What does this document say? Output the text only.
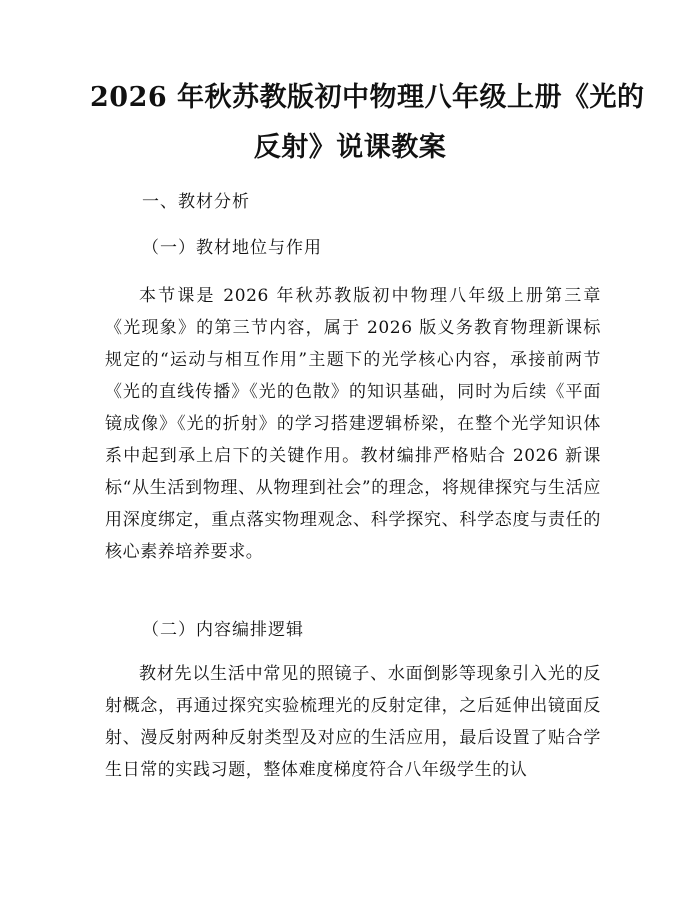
2026 年秋苏教版初中物理八年级上册《光的
反射》说课教案
一、教材分析
（一）教材地位与作用
本节课是 2026 年秋苏教版初中物理八年级上册第三章《光现象》的第三节内容，属于 2026 版义务教育物理新课标规定的“运动与相互作用”主题下的光学核心内容，承接前两节《光的直线传播》《光的色散》的知识基础，同时为后续《平面镜成像》《光的折射》的学习搭建逻辑桥梁，在整个光学知识体系中起到承上启下的关键作用。教材编排严格贴合 2026 新课标“从生活到物理、从物理到社会”的理念，将规律探究与生活应用深度绑定，重点落实物理观念、科学探究、科学态度与责任的核心素养培养要求。
（二）内容编排逻辑
教材先以生活中常见的照镜子、水面倒影等现象引入光的反射概念，再通过探究实验梳理光的反射定律，之后延伸出镜面反射、漫反射两种反射类型及对应的生活应用，最后设置了贴合学生日常的实践习题，整体难度梯度符合八年级学生的认
